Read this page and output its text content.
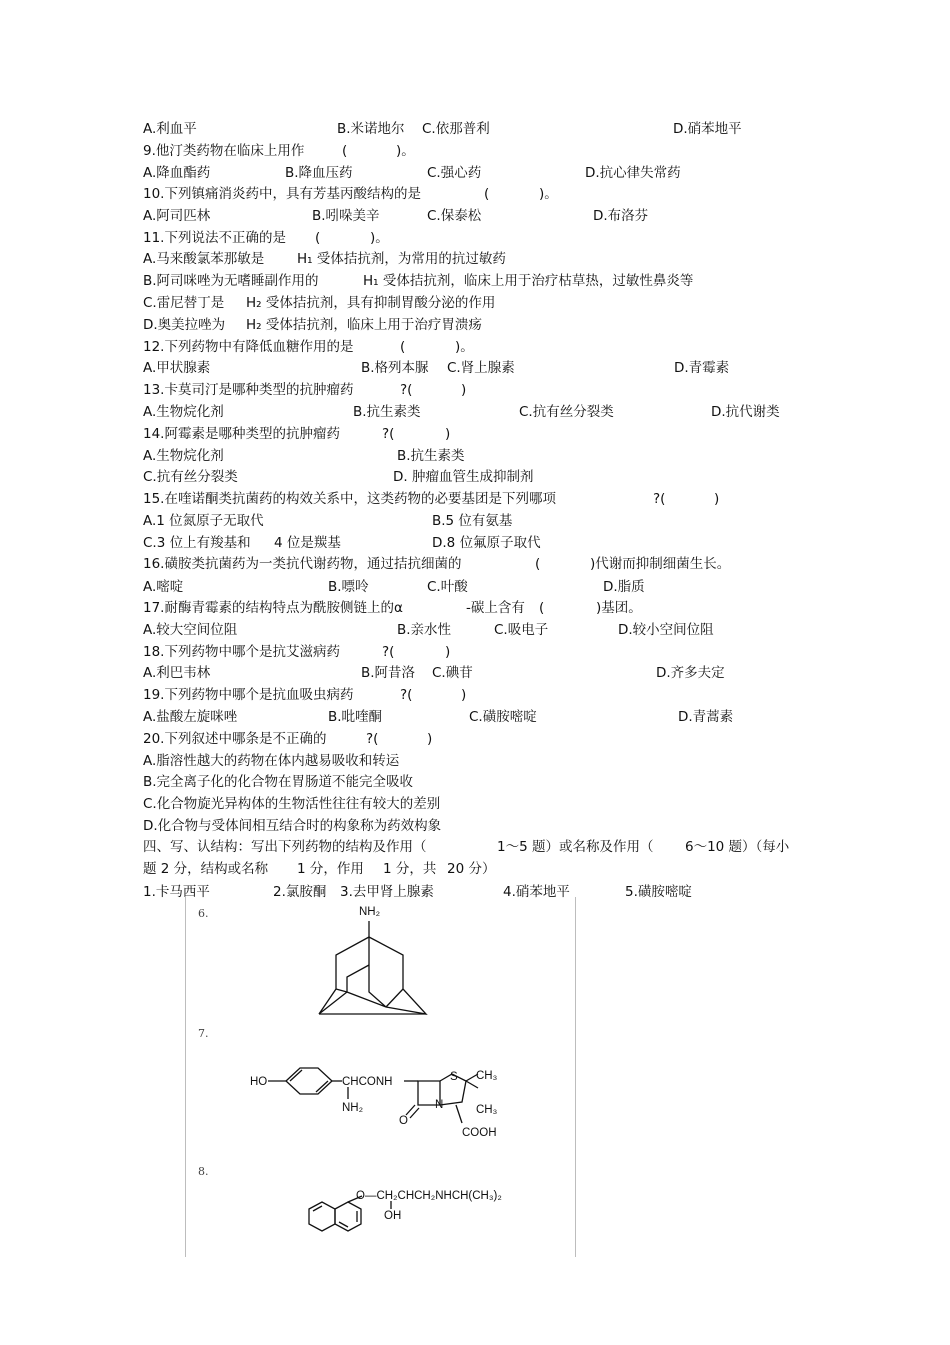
A.利血平	B.米诺地尔 C.依那普利	D.硝苯地平
9.他汀类药物在临床上用作	(	)。
A.降血酯药	B.降血压药	C.强心药	D.抗心律失常药
10.下列镇痛消炎药中，具有芳基丙酸结构的是	(	)。
A.阿司匹林	B.吲哚美辛	C.保泰松	D.布洛芬
11.下列说法不正确的是 (	)。
A.马来酸氯苯那敏是 H₁ 受体拮抗剂，为常用的抗过敏药
B.阿司咪唑为无嗜睡副作用的	H₁ 受体拮抗剂，临床上用于治疗枯草热，过敏性鼻炎等
C.雷尼替丁是 H₂ 受体拮抗剂，具有抑制胃酸分泌的作用
D.奥美拉唑为 H₂ 受体拮抗剂，临床上用于治疗胃溃疡
12.下列药物中有降低血糖作用的是	(	)。
A.甲状腺素	B.格列本脲 C.肾上腺素	D.青霉素
13.卡莫司汀是哪种类型的抗肿瘤药	?(	)
A.生物烷化剂	B.抗生素类	C.抗有丝分裂类	D.抗代谢类
14.阿霉素是哪种类型的抗肿瘤药	?(	)
A.生物烷化剂	B.抗生素类
C.抗有丝分裂类	D. 肿瘤血管生成抑制剂
15.在喹诺酮类抗菌药的构效关系中，这类药物的必要基团是下列哪项	?(	)
A.1 位氮原子无取代	B.5 位有氨基
C.3 位上有羧基和 4 位是羰基	D.8 位氟原子取代
16.磺胺类抗菌药为一类抗代谢药物，通过拮抗细菌的	(	)代谢而抑制细菌生长。
A.嘧啶	B.嘌呤	C.叶酸	D.脂质
17.耐酶青霉素的结构特点为酰胺侧链上的α	-碳上含有 (	)基团。
A.较大空间位阻	B.亲水性	C.吸电子	D.较小空间位阻
18.下列药物中哪个是抗艾滋病药	?(	)
A.利巴韦林	B.阿昔洛 C.碘苷	D.齐多夫定
19.下列药物中哪个是抗血吸虫病药	?(	)
A.盐酸左旋咪唑	B.吡喹酮	C.磺胺嘧啶	D.青蒿素
20.下列叙述中哪条是不正确的	?(	)
A.脂溶性越大的药物在体内越易吸收和转运
B.完全离子化的化合物在胃肠道不能完全吸收
C.化合物旋光异构体的生物活性往往有较大的差别
D.化合物与受体间相互结合时的构象称为药效构象
四、写、认结构：写出下列药物的结构及作用（	1～5 题）或名称及作用（ 6～10 题）（每小
题 2 分，结构或名称 1 分，作用 1 分，共 20 分）
1.卡马西平	2.氯胺酮 3.去甲肾上腺素	4.硝苯地平	5.磺胺嘧啶
6.
7.
8.
NH₂
HO	CHCONH
NH₂
S CH₃
CH₃
N
O
COOH
O—CH₂CHCH₂NHCH(CH₃)₂
OH
